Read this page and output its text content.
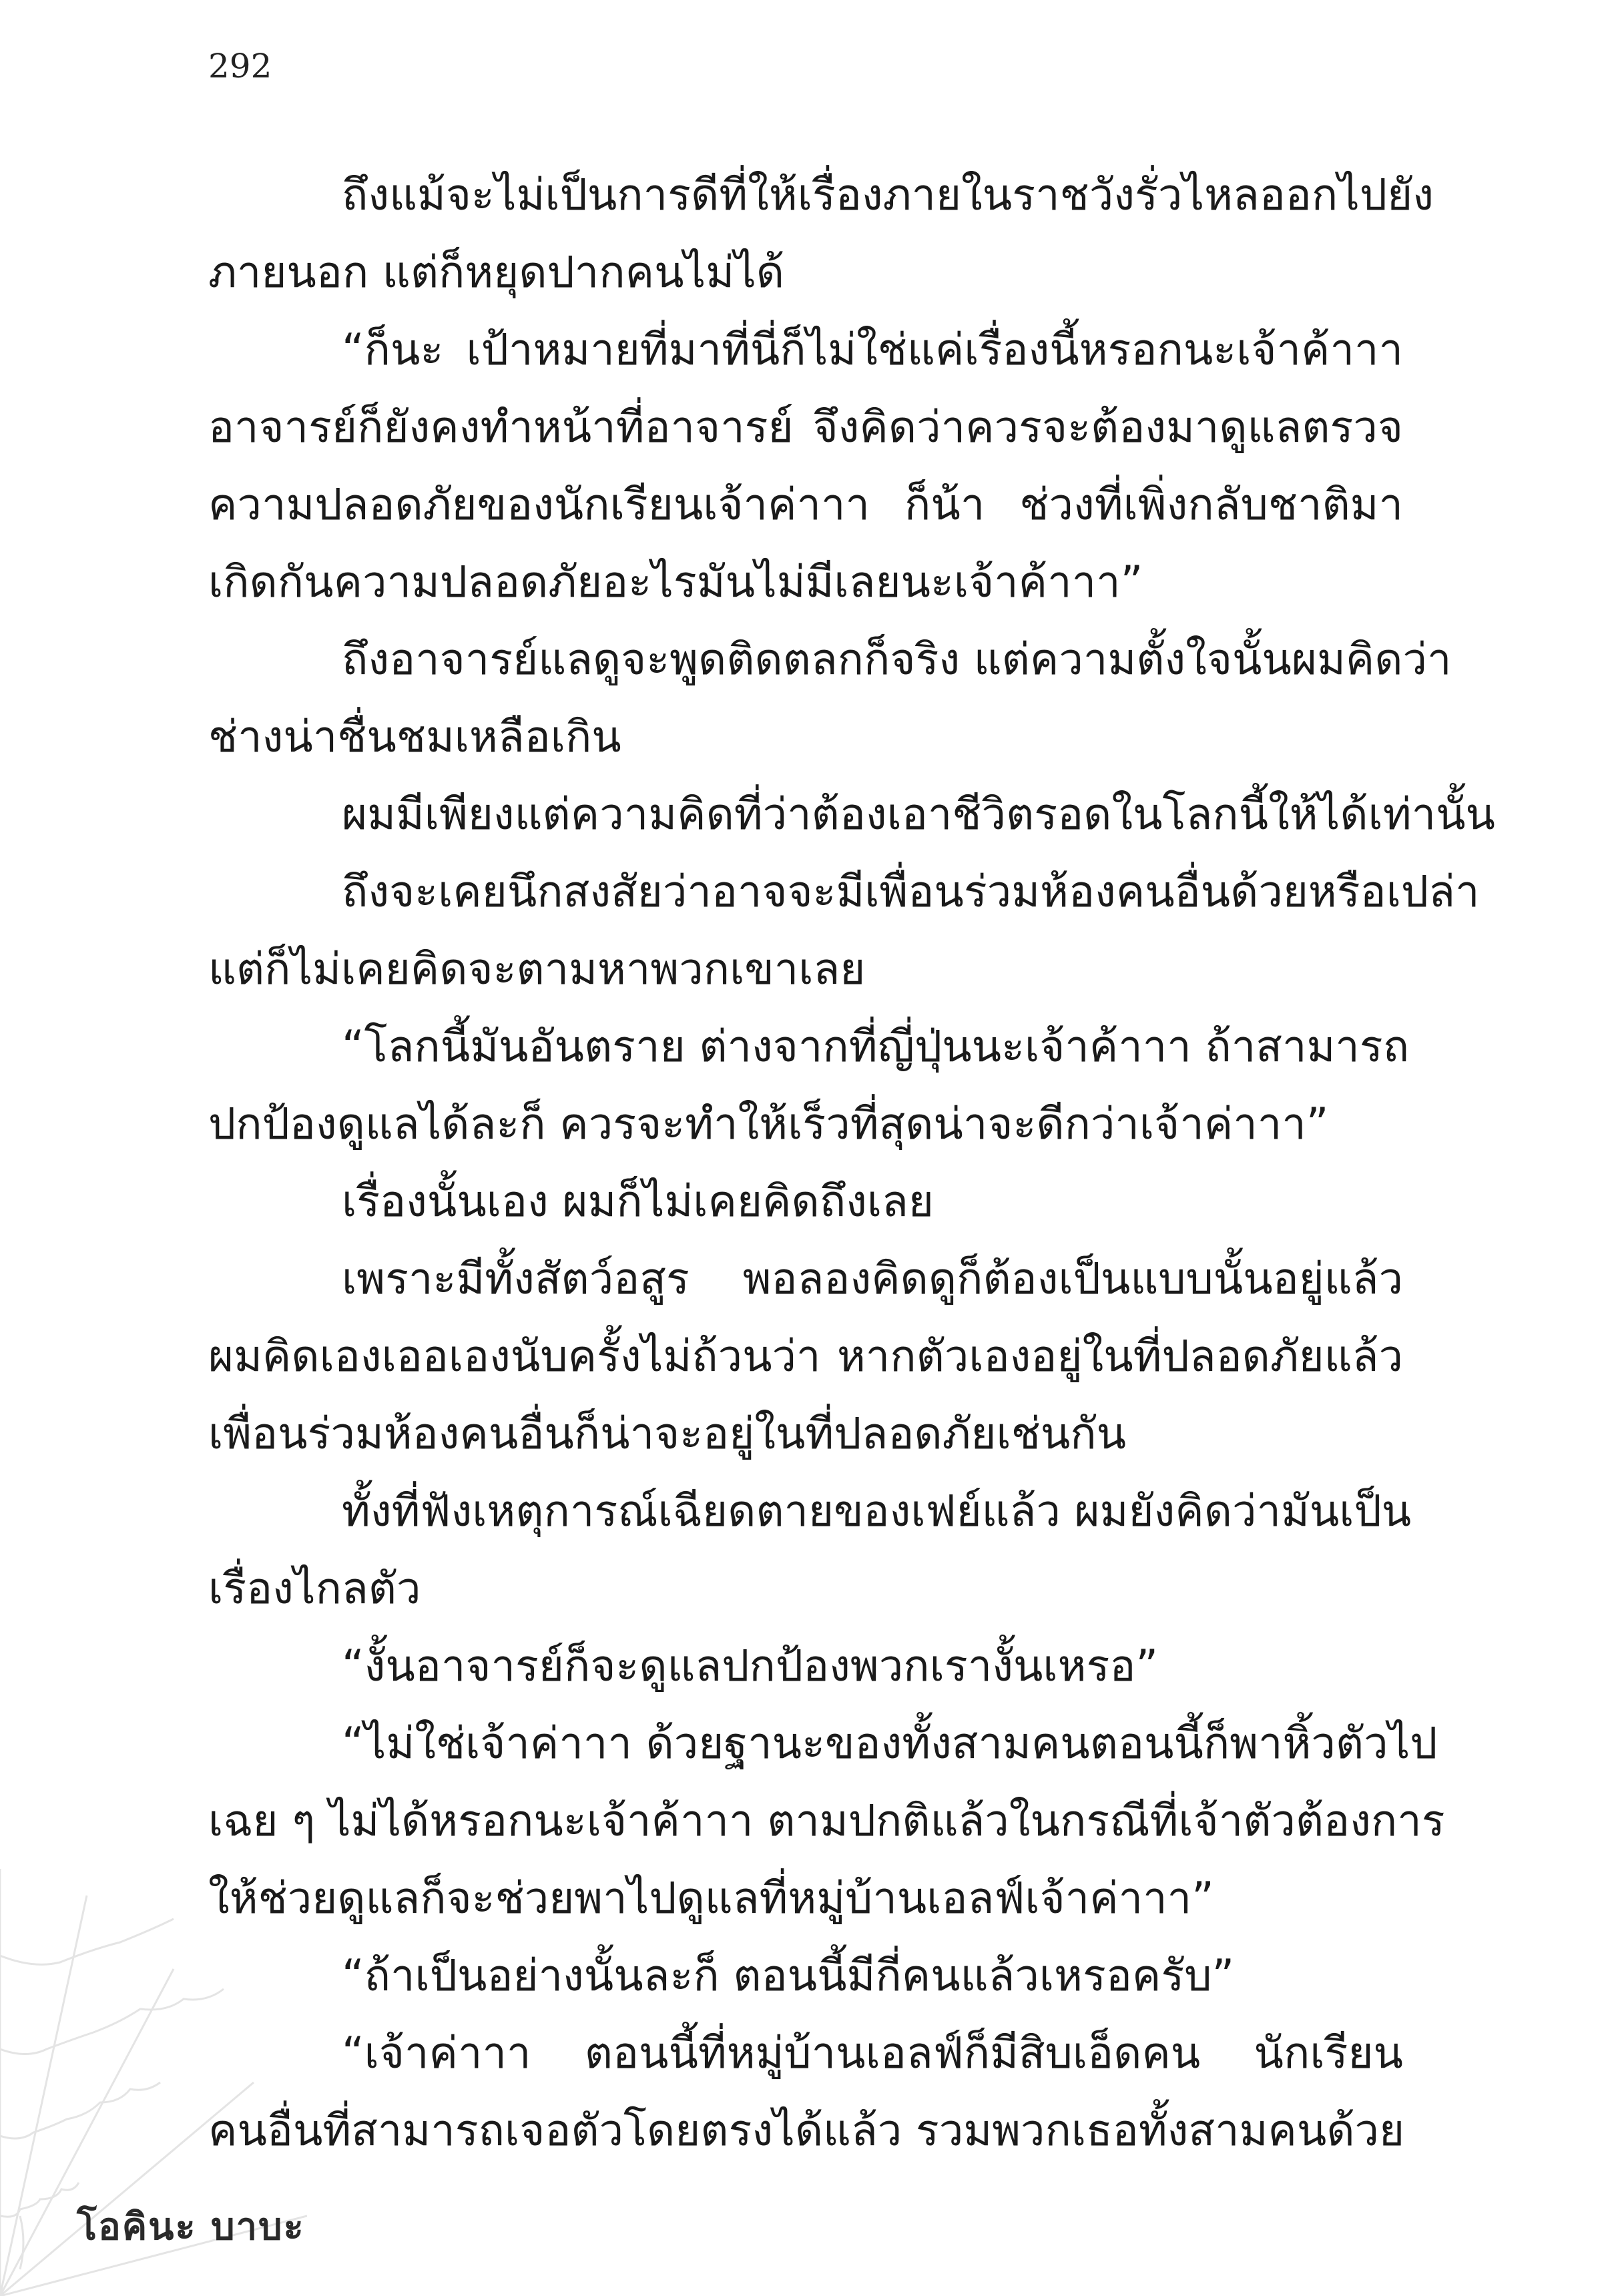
292
ถึงแม้จะไม่เป็นการดีที่ให้เรื่องภายในราชวังรั่วไหลออกไปยัง
ภายนอก แต่ก็หยุดปากคนไม่ได้
“ก็นะ เป้าหมายที่มาที่นี่ก็ไม่ใช่แค่เรื่องนี้หรอกนะเจ้าค้าาา
อาจารย์ก็ยังคงทำหน้าที่อาจารย์ จึงคิดว่าควรจะต้องมาดูแลตรวจ
ความปลอดภัยของนักเรียนเจ้าค่าาา ก็น้า ช่วงที่เพิ่งกลับชาติมา
เกิดกันความปลอดภัยอะไรมันไม่มีเลยนะเจ้าค้าาา”
ถึงอาจารย์แลดูจะพูดติดตลกก็จริง แต่ความตั้งใจนั้นผมคิดว่า
ช่างน่าชื่นชมเหลือเกิน
ผมมีเพียงแต่ความคิดที่ว่าต้องเอาชีวิตรอดในโลกนี้ให้ได้เท่านั้น
ถึงจะเคยนึกสงสัยว่าอาจจะมีเพื่อนร่วมห้องคนอื่นด้วยหรือเปล่า
แต่ก็ไม่เคยคิดจะตามหาพวกเขาเลย
“โลกนี้มันอันตราย ต่างจากที่ญี่ปุ่นนะเจ้าค้าาา ถ้าสามารถ
ปกป้องดูแลได้ละก็ ควรจะทำให้เร็วที่สุดน่าจะดีกว่าเจ้าค่าาา”
เรื่องนั้นเอง ผมก็ไม่เคยคิดถึงเลย
เพราะมีทั้งสัตว์อสูร พอลองคิดดูก็ต้องเป็นแบบนั้นอยู่แล้ว
ผมคิดเองเออเองนับครั้งไม่ถ้วนว่า หากตัวเองอยู่ในที่ปลอดภัยแล้ว
เพื่อนร่วมห้องคนอื่นก็น่าจะอยู่ในที่ปลอดภัยเช่นกัน
ทั้งที่ฟังเหตุการณ์เฉียดตายของเฟย์แล้ว ผมยังคิดว่ามันเป็น
เรื่องไกลตัว
“งั้นอาจารย์ก็จะดูแลปกป้องพวกเรางั้นเหรอ”
“ไม่ใช่เจ้าค่าาา ด้วยฐานะของทั้งสามคนตอนนี้ก็พาหิ้วตัวไป
เฉย ๆ ไม่ได้หรอกนะเจ้าค้าาา ตามปกติแล้วในกรณีที่เจ้าตัวต้องการ
ให้ช่วยดูแลก็จะช่วยพาไปดูแลที่หมู่บ้านเอลฟ์เจ้าค่าาา”
“ถ้าเป็นอย่างนั้นละก็ ตอนนี้มีกี่คนแล้วเหรอครับ”
“เจ้าค่าาา ตอนนี้ที่หมู่บ้านเอลฟ์ก็มีสิบเอ็ดคน นักเรียน
คนอื่นที่สามารถเจอตัวโดยตรงได้แล้ว รวมพวกเธอทั้งสามคนด้วย
โอคินะ บาบะ
